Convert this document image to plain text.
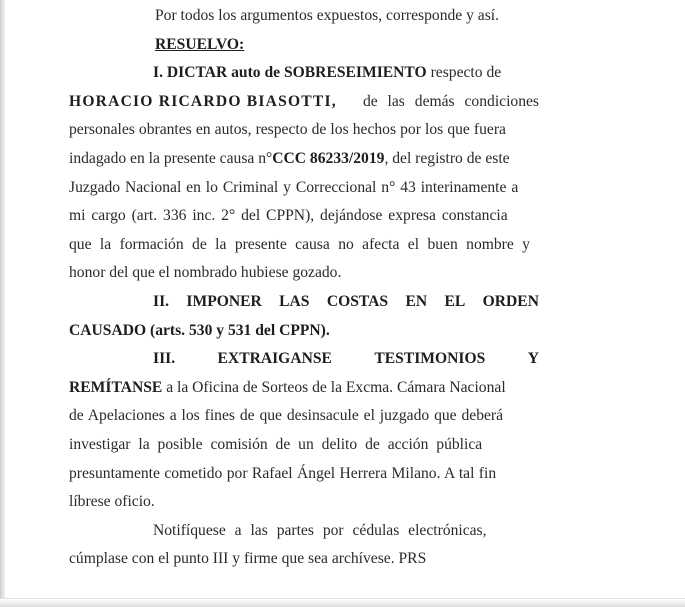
Por todos los argumentos expuestos, corresponde y así.
RESUELVO:
I. DICTAR auto de SOBRESEIMIENTO respecto de
HORACIO RICARDO BIASOTTI, de las demás condiciones
personales obrantes en autos, respecto de los hechos por los que fuera
indagado en la presente causa n°CCC 86233/2019, del registro de este
Juzgado Nacional en lo Criminal y Correccional n° 43 interinamente a
mi cargo (art. 336 inc. 2° del CPPN), dejándose expresa constancia
que la formación de la presente causa no afecta el buen nombre y
honor del que el nombrado hubiese gozado.
II. IMPONER LAS COSTAS EN EL ORDEN
CAUSADO (arts. 530 y 531 del CPPN).
III.	EXTRAIGANSE	TESTIMONIOS	Y
REMÍTANSE a la Oficina de Sorteos de la Excma. Cámara Nacional
de Apelaciones a los fines de que desinsacule el juzgado que deberá
investigar la posible comisión de un delito de acción pública
presuntamente cometido por Rafael Ángel Herrera Milano. A tal fin
líbrese oficio.
Notifíquese a las partes por cédulas electrónicas,
cúmplase con el punto III y firme que sea archívese. PRS
